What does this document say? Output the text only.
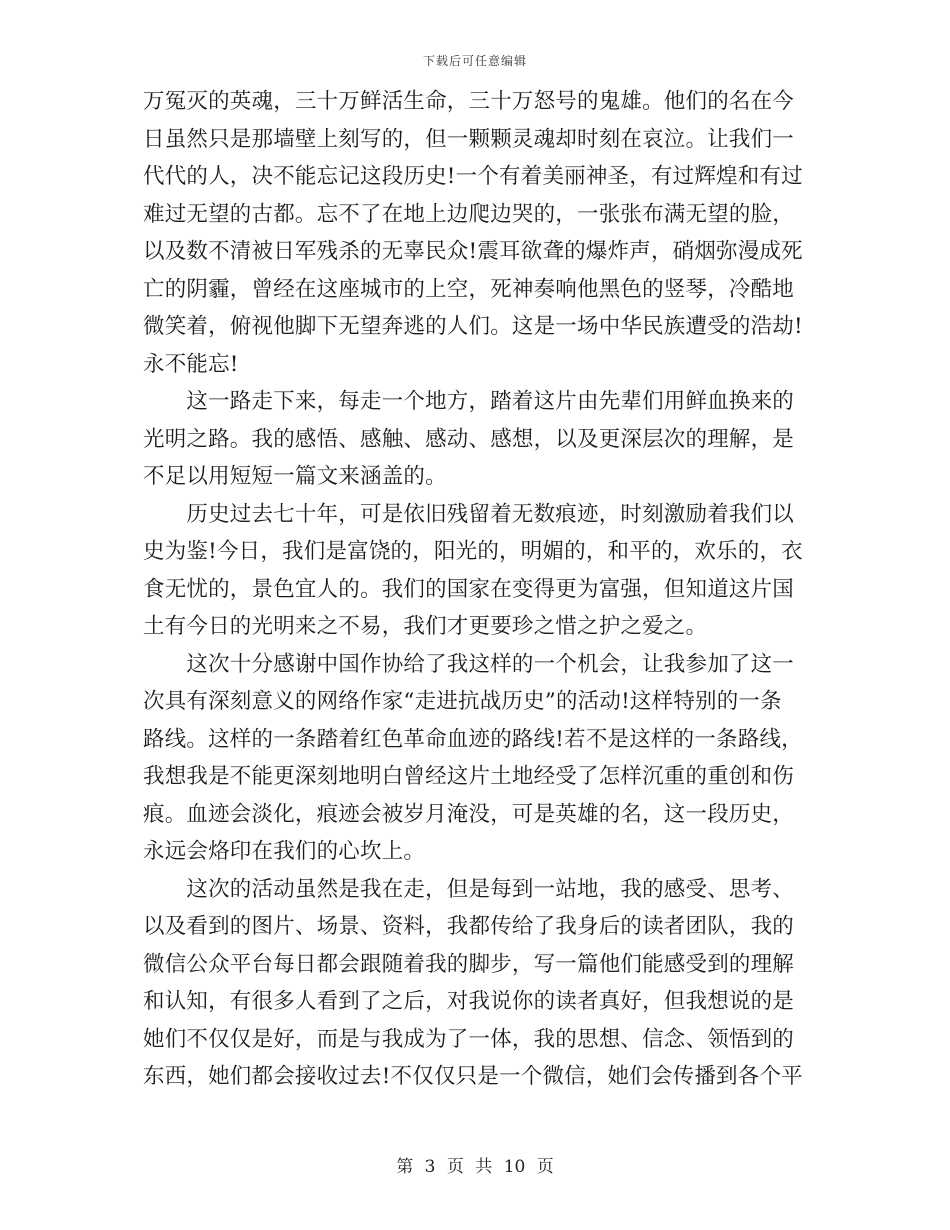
下载后可任意编辑
万冤灭的英魂，三十万鲜活生命，三十万怒号的鬼雄。他们的名在今
日虽然只是那墙壁上刻写的，但一颗颗灵魂却时刻在哀泣。让我们一
代代的人，决不能忘记这段历史!一个有着美丽神圣，有过辉煌和有过
难过无望的古都。忘不了在地上边爬边哭的，一张张布满无望的脸，
以及数不清被日军残杀的无辜民众!震耳欲聋的爆炸声，硝烟弥漫成死
亡的阴霾，曾经在这座城市的上空，死神奏响他黑色的竖琴，冷酷地
微笑着，俯视他脚下无望奔逃的人们。这是一场中华民族遭受的浩劫!
永不能忘!
　　这一路走下来，每走一个地方，踏着这片由先辈们用鲜血换来的
光明之路。我的感悟、感触、感动、感想，以及更深层次的理解，是
不足以用短短一篇文来涵盖的。
　　历史过去七十年，可是依旧残留着无数痕迹，时刻激励着我们以
史为鉴!今日，我们是富饶的，阳光的，明媚的，和平的，欢乐的，衣
食无忧的，景色宜人的。我们的国家在变得更为富强，但知道这片国
土有今日的光明来之不易，我们才更要珍之惜之护之爱之。
　　这次十分感谢中国作协给了我这样的一个机会，让我参加了这一
次具有深刻意义的网络作家“走进抗战历史”的活动!这样特别的一条
路线。这样的一条踏着红色革命血迹的路线!若不是这样的一条路线，
我想我是不能更深刻地明白曾经这片土地经受了怎样沉重的重创和伤
痕。血迹会淡化，痕迹会被岁月淹没，可是英雄的名，这一段历史，
永远会烙印在我们的心坎上。
　　这次的活动虽然是我在走，但是每到一站地，我的感受、思考、
以及看到的图片、场景、资料，我都传给了我身后的读者团队，我的
微信公众平台每日都会跟随着我的脚步，写一篇他们能感受到的理解
和认知，有很多人看到了之后，对我说你的读者真好，但我想说的是
她们不仅仅是好，而是与我成为了一体，我的思想、信念、领悟到的
东西，她们都会接收过去!不仅仅只是一个微信，她们会传播到各个平
第 3 页 共 10 页
